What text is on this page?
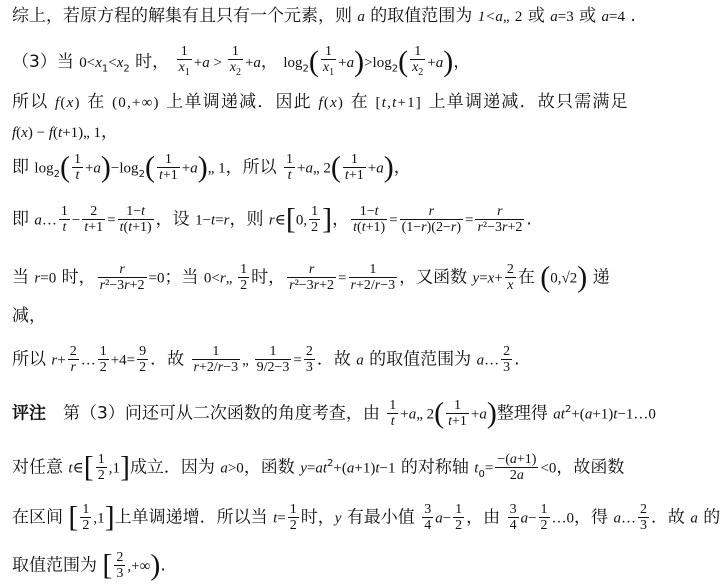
综上，若原方程的解集有且只有一个元素，则 a 的取值范围为 1<a„ 2 或 a=3 或 a=4 .
（3）当 $0<x_1<x_2$ 时， $\frac{1}{x_1} +a > \frac{1}{x_2} +a$， $\log_2( \frac{1}{x_1} +a)>\log_2( \frac{1}{x_2} +a)$，
所以 f(x) 在 (0,+∞) 上单调递减．因此 f(x) 在 [t,t+1] 上单调递减．故只需满足
f(x) − f(t+1)„ 1，
即 $\log_2( \frac{1}{t} +a)-\log_2( \frac{1}{t+1}$ +a)„ 1，所以 $\frac{1}{t}$ +a„ $2( \frac{1}{t+1} +a)$，
即 a… $\frac{1}{t} - \frac{2}{t+1} = \frac{1-t}{t(t+1)}$ ，设 1−t=r，则 r∈[0, $\frac{1}{2}$ ]， $\frac{1-t}{t(t+1)} = \frac{r}{(1-r)(2-r)} = \frac{r}{\text{r²−3r+2}}$ .
当 r=0 时， $\frac{r}{\text{r²−3r+2}} =0$；当 0<r„ $\frac{1}{2}$ 时， $\frac{r}{\text{r²−3r+2}} = \frac{1}{r+2/r-3}$ ，又函数 $y=x+ \frac{2}{x}$ 在 (0,√2) 递
减，
所以 $r+ \frac{2}{r}$ … $\frac{1}{2} +4= \frac{9}{2}$ ．故 $\frac{1}{r+2/r-3}$ „ $\frac{1}{9/2-3} = \frac{2}{3}$ ．故 a 的取值范围为 a… $\frac{2}{3}$ .
评注　第（3）问还可从二次函数的角度考查，由 $\frac{1}{t}$ +a„ $2( \frac{1}{t+1} +a)$整理得 $at^2+(a+1)t-1\dots 0$
对任意 t∈[ $\frac{1}{2} ,1$]成立．因为 a>0，函数 $y=at^2+(a+1)t-1$ 的对称轴 $t_0= \frac{-(a+1)}{2a} <0$，故函数
在区间 [ $\frac{1}{2} ,1$]上单调递增．所以当 $t= \frac{1}{2}$ 时，y 有最小值 $\frac{3}{4} a- \frac{1}{2}$ ，由 $\frac{3}{4} a- \frac{1}{2}$ …0，得 a… $\frac{2}{3}$ ．故 a 的
取值范围为 [ $\frac{2}{3}$ ,+∞).
